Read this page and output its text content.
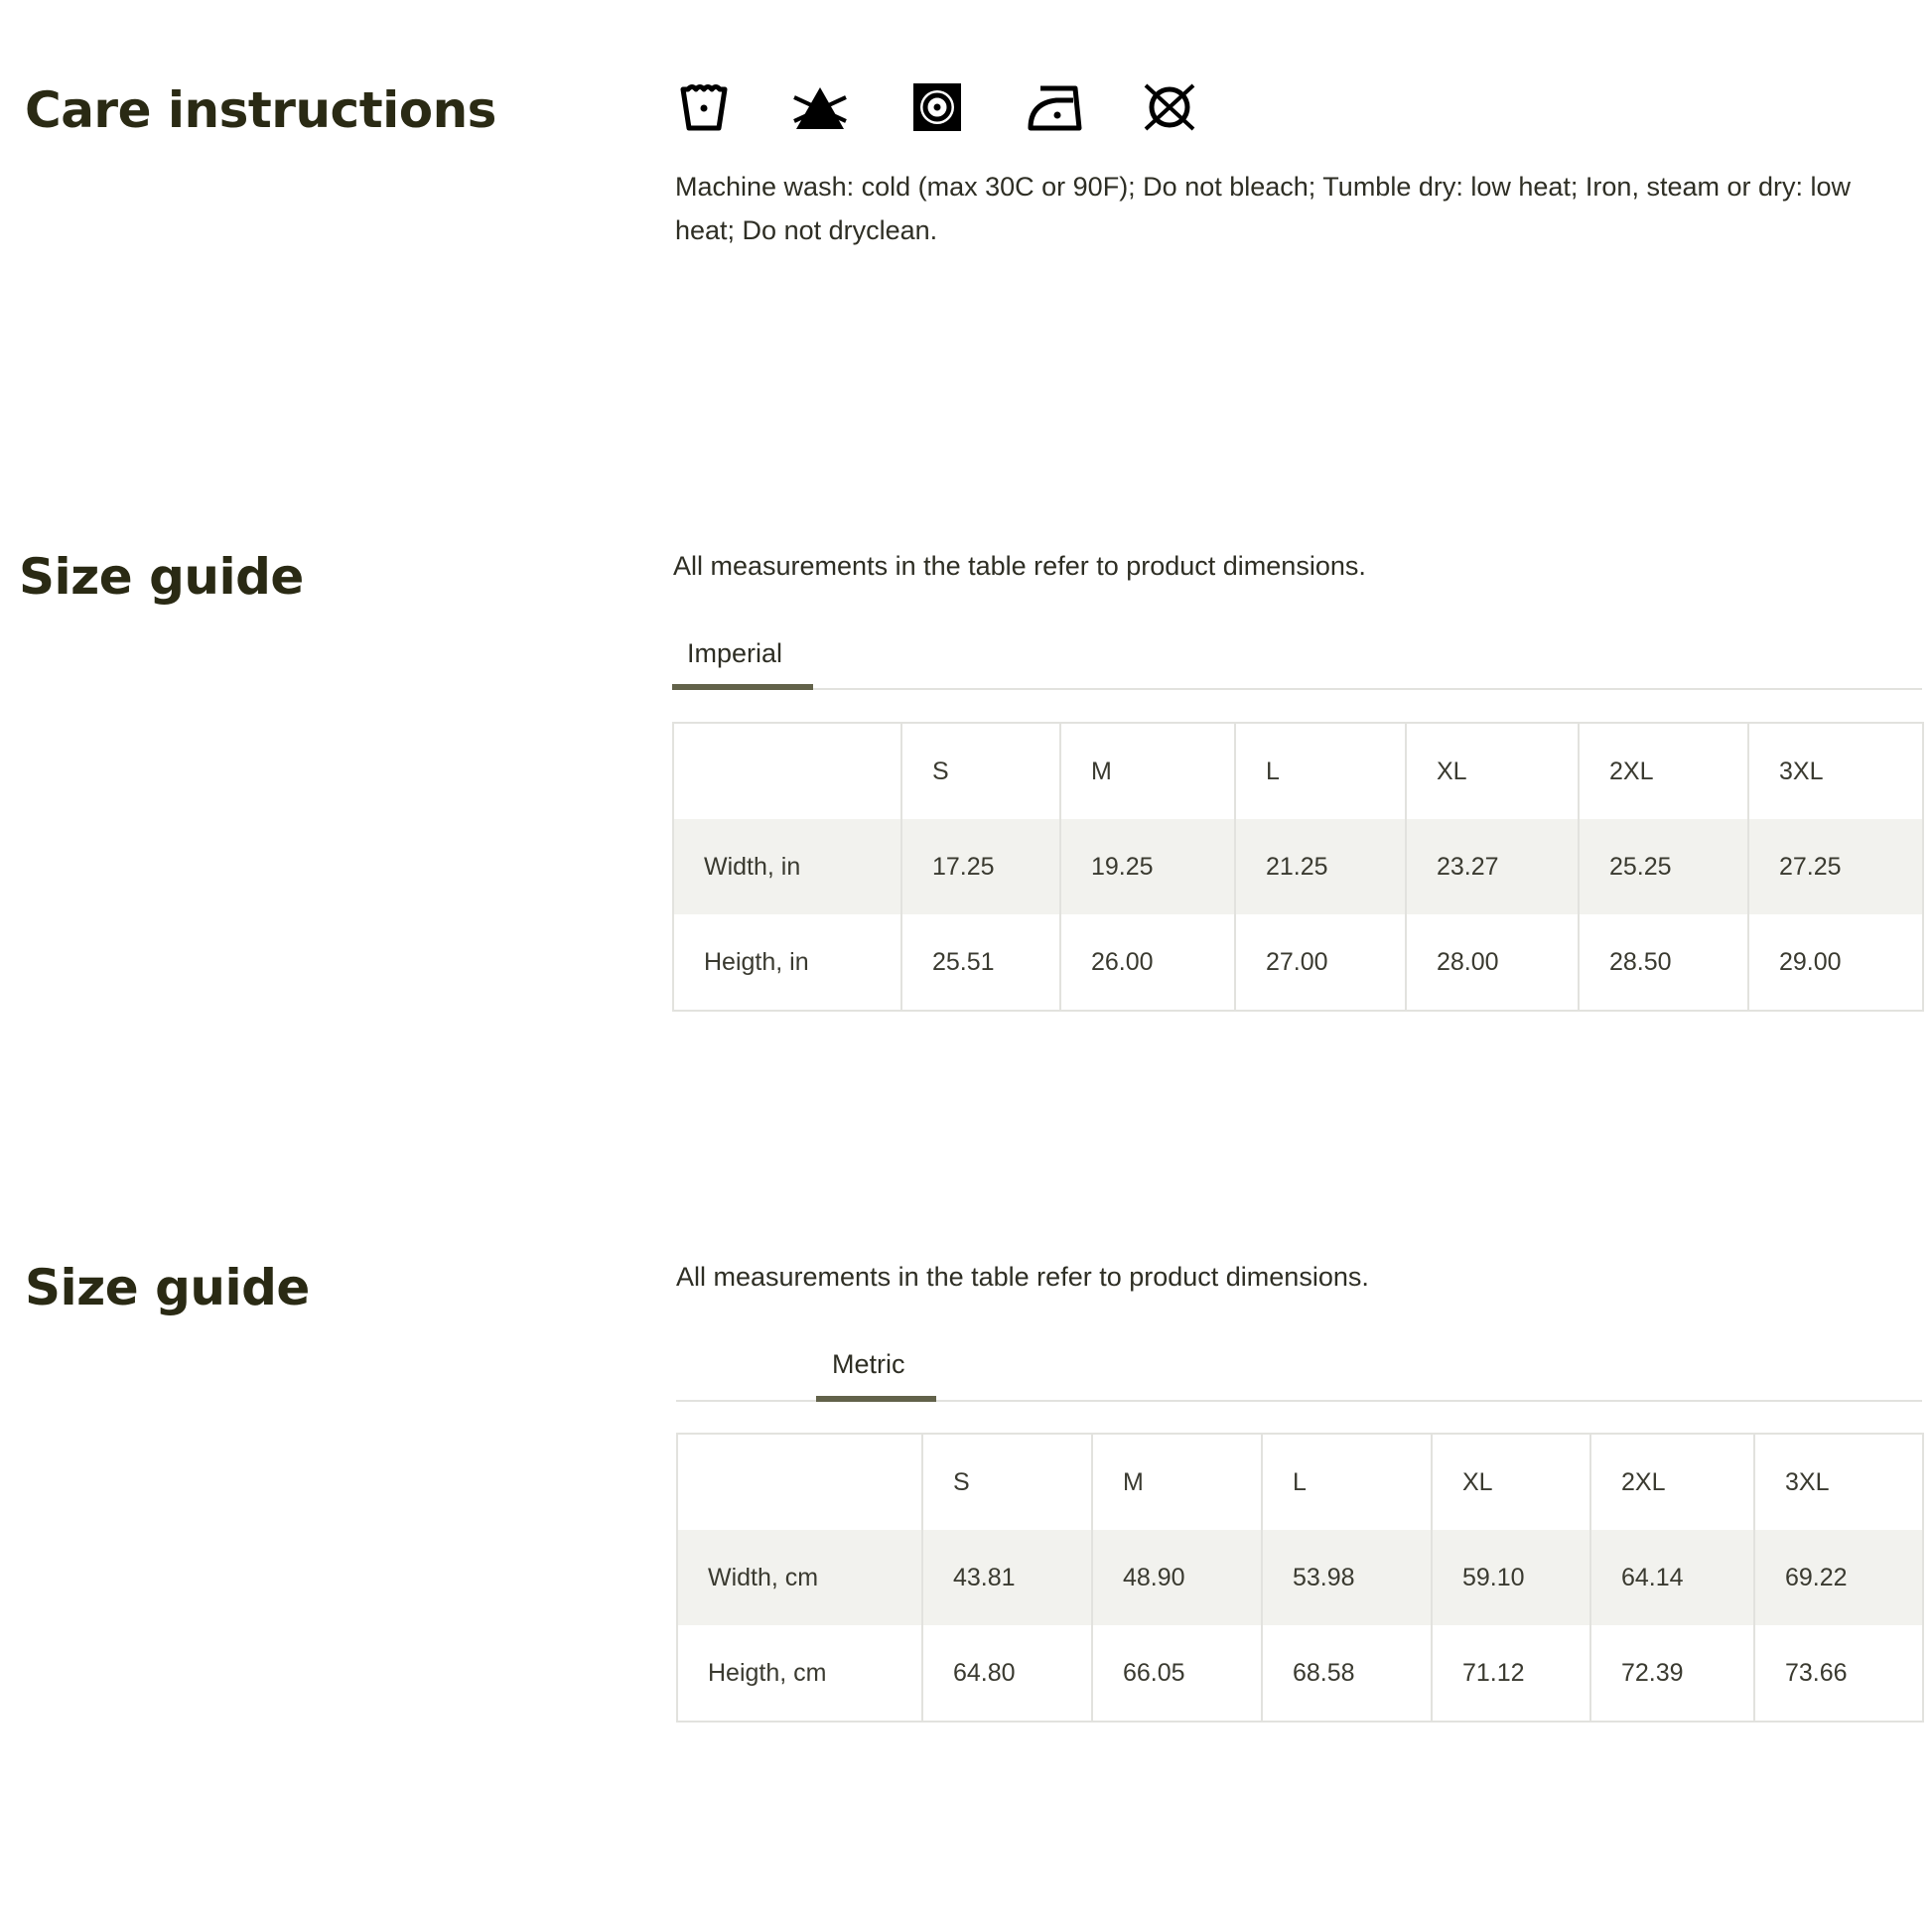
Care instructions

Machine wash: cold (max 30C or 90F); Do not bleach; Tumble dry: low heat; Iron, steam or dry: low heat; Do not dryclean.

Size guide	All measurements in the table refer to product dimensions.
Imperial
	S	M	L	XL	2XL	3XL
Width, in	17.25	19.25	21.25	23.27	25.25	27.25
Heigth, in	25.51	26.00	27.00	28.00	28.50	29.00
Size guide	All measurements in the table refer to product dimensions.
Metric
	S	M	L	XL	2XL	3XL
Width, cm	43.81	48.90	53.98	59.10	64.14	69.22
Heigth, cm	64.80	66.05	68.58	71.12	72.39	73.66
